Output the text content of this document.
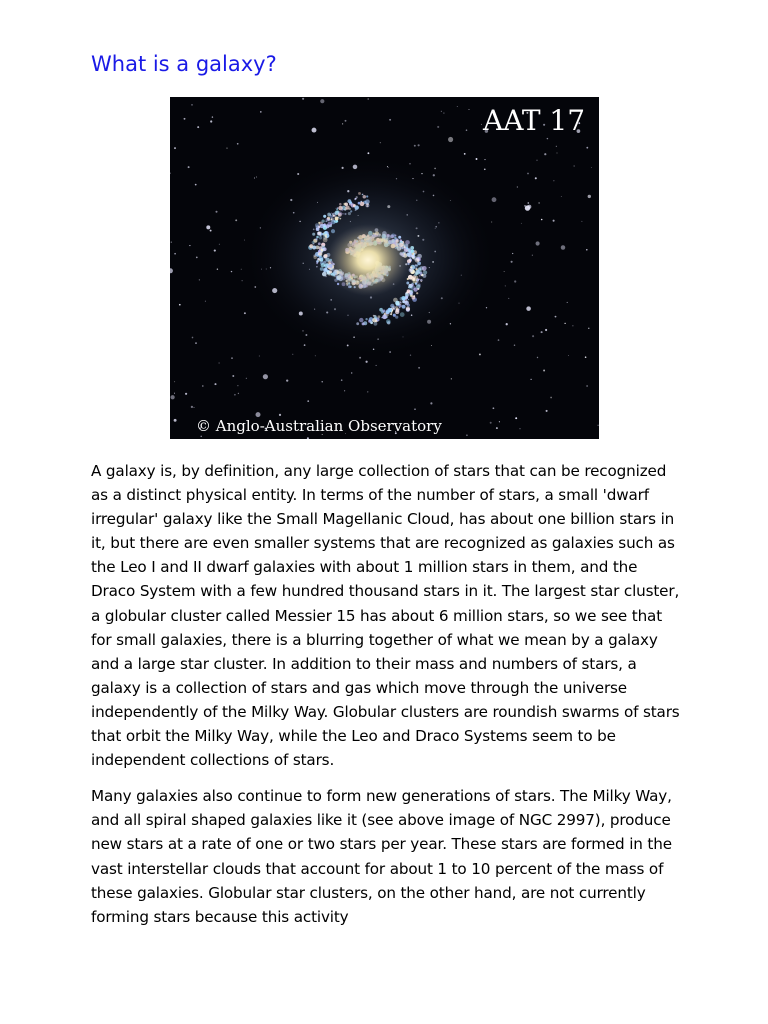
What is a galaxy?
AAT 17
© Anglo-Australian Observatory

A galaxy is, by definition, any large collection of stars that can be recognized as a distinct physical entity. In terms of the number of stars, a small 'dwarf irregular' galaxy like the Small Magellanic Cloud, has about one billion stars in it, but there are even smaller systems that are recognized as galaxies such as the Leo I and II dwarf galaxies with about 1 million stars in them, and the Draco System with a few hundred thousand stars in it. The largest star cluster, a globular cluster called Messier 15 has about 6 million stars, so we see that for small galaxies, there is a blurring together of what we mean by a galaxy and a large star cluster. In addition to their mass and numbers of stars, a galaxy is a collection of stars and gas which move through the universe independently of the Milky Way. Globular clusters are roundish swarms of stars that orbit the Milky Way, while the Leo and Draco Systems seem to be independent collections of stars.

Many galaxies also continue to form new generations of stars. The Milky Way, and all spiral shaped galaxies like it (see above image of NGC 2997), produce new stars at a rate of one or two stars per year. These stars are formed in the vast interstellar clouds that account for about 1 to 10 percent of the mass of these galaxies. Globular star clusters, on the other hand, are not currently forming stars because this activity
